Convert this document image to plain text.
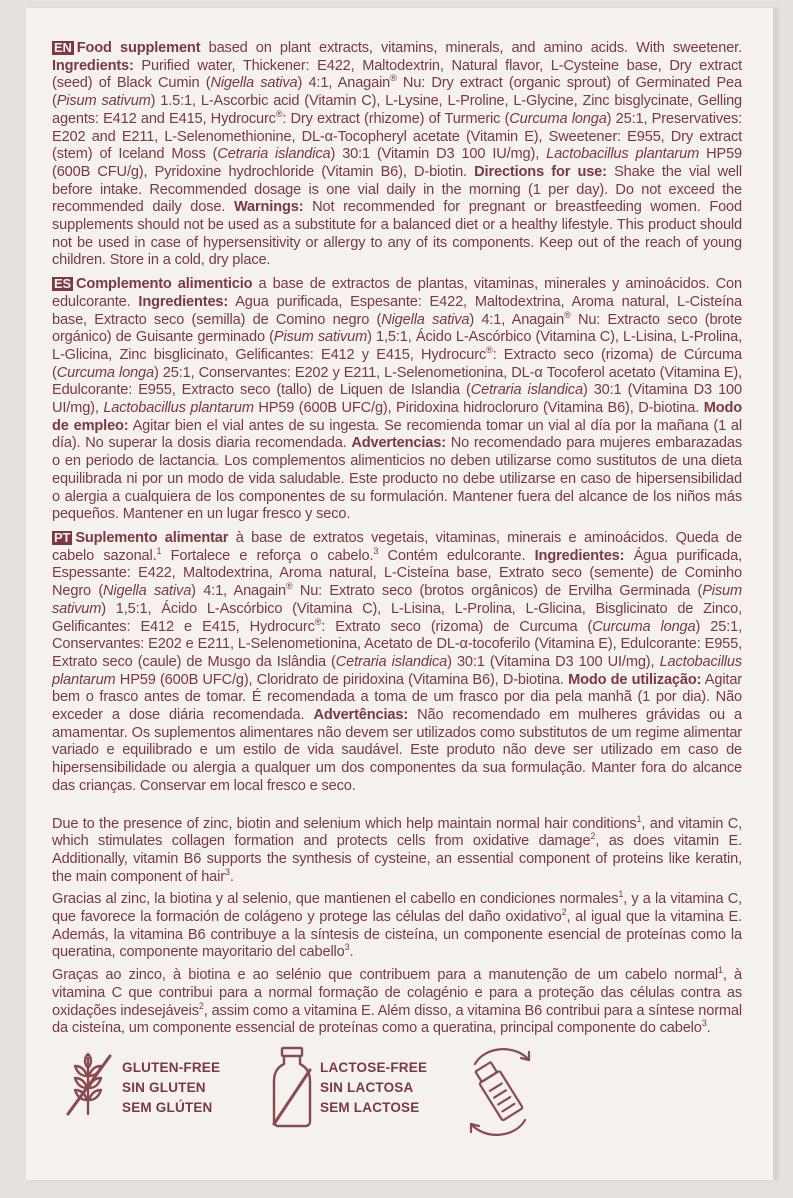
EN Food supplement based on plant extracts, vitamins, minerals, and amino acids. With sweetener. Ingredients: Purified water, Thickener: E422, Maltodextrin, Natural flavor, L-Cysteine base, Dry extract (seed) of Black Cumin (Nigella sativa) 4:1, Anagain® Nu: Dry extract (organic sprout) of Germinated Pea (Pisum sativum) 1.5:1, L-Ascorbic acid (Vitamin C), L-Lysine, L-Proline, L-Glycine, Zinc bisglycinate, Gelling agents: E412 and E415, Hydrocurc®: Dry extract (rhizome) of Turmeric (Curcuma longa) 25:1, Preservatives: E202 and E211, L-Selenomethionine, DL-α-Tocopheryl acetate (Vitamin E), Sweetener: E955, Dry extract (stem) of Iceland Moss (Cetraria islandica) 30:1 (Vitamin D3 100 IU/mg), Lactobacillus plantarum HP59 (600B CFU/g), Pyridoxine hydrochloride (Vitamin B6), D-biotin. Directions for use: Shake the vial well before intake. Recommended dosage is one vial daily in the morning (1 per day). Do not exceed the recommended daily dose. Warnings: Not recommended for pregnant or breastfeeding women. Food supplements should not be used as a substitute for a balanced diet or a healthy lifestyle. This product should not be used in case of hypersensitivity or allergy to any of its components. Keep out of the reach of young children. Store in a cold, dry place.

ES Complemento alimenticio a base de extractos de plantas, vitaminas, minerales y aminoácidos. Con edulcorante. Ingredientes: Agua purificada, Espesante: E422, Maltodextrina, Aroma natural, L-Cisteína base, Extracto seco (semilla) de Comino negro (Nigella sativa) 4:1, Anagain® Nu: Extracto seco (brote orgánico) de Guisante germinado (Pisum sativum) 1,5:1, Ácido L-Ascórbico (Vitamina C), L-Lisina, L-Prolina, L-Glicina, Zinc bisglicinato, Gelificantes: E412 y E415, Hydrocurc®: Extracto seco (rizoma) de Cúrcuma (Curcuma longa) 25:1, Conservantes: E202 y E211, L-Selenometionina, DL-α Tocoferol acetato (Vitamina E), Edulcorante: E955, Extracto seco (tallo) de Liquen de Islandia (Cetraria islandica) 30:1 (Vitamina D3 100 UI/mg), Lactobacillus plantarum HP59 (600B UFC/g), Piridoxina hidrocloruro (Vitamina B6), D-biotina. Modo de empleo: Agitar bien el vial antes de su ingesta. Se recomienda tomar un vial al día por la mañana (1 al día). No superar la dosis diaria recomendada. Advertencias: No recomendado para mujeres embarazadas o en periodo de lactancia. Los complementos alimenticios no deben utilizarse como sustitutos de una dieta equilibrada ni por un modo de vida saludable. Este producto no debe utilizarse en caso de hipersensibilidad o alergia a cualquiera de los componentes de su formulación. Mantener fuera del alcance de los niños más pequeños. Mantener en un lugar fresco y seco.

PT Suplemento alimentar à base de extratos vegetais, vitaminas, minerais e aminoácidos. Queda de cabelo sazonal.$^1$ Fortalece e reforça o cabelo.$^3$ Contém edulcorante. Ingredientes: Água purificada, Espessante: E422, Maltodextrina, Aroma natural, L-Cisteína base, Extrato seco (semente) de Cominho Negro (Nigella sativa) 4:1, Anagain® Nu: Extrato seco (brotos orgânicos) de Ervilha Germinada (Pisum sativum) 1,5:1, Ácido L-Ascórbico (Vitamina C), L-Lisina, L-Prolina, L-Glicina, Bisglicinato de Zinco, Gelificantes: E412 e E415, Hydrocurc®: Extrato seco (rizoma) de Curcuma (Curcuma longa) 25:1, Conservantes: E202 e E211, L-Selenometionina, Acetato de DL-α-tocoferilo (Vitamina E), Edulcorante: E955, Extrato seco (caule) de Musgo da Islândia (Cetraria islandica) 30:1 (Vitamina D3 100 UI/mg), Lactobacillus plantarum HP59 (600B UFC/g), Cloridrato de piridoxina (Vitamina B6), D-biotina. Modo de utilização: Agitar bem o frasco antes de tomar. É recomendada a toma de um frasco por dia pela manhã (1 por dia). Não exceder a dose diária recomendada. Advertências: Não recomendado em mulheres grávidas ou a amamentar. Os suplementos alimentares não devem ser utilizados como substitutos de um regime alimentar variado e equilibrado e um estilo de vida saudável. Este produto não deve ser utilizado em caso de hipersensibilidade ou alergia a qualquer um dos componentes da sua formulação. Manter fora do alcance das crianças. Conservar em local fresco e seco.

Due to the presence of zinc, biotin and selenium which help maintain normal hair conditions$^1$, and vitamin C, which stimulates collagen formation and protects cells from oxidative damage$^2$, as does vitamin E. Additionally, vitamin B6 supports the synthesis of cysteine, an essential component of proteins like keratin, the main component of hair$^3$.

Gracias al zinc, la biotina y al selenio, que mantienen el cabello en condiciones normales$^1$, y a la vitamina C, que favorece la formación de colágeno y protege las células del daño oxidativo$^2$, al igual que la vitamina E. Además, la vitamina B6 contribuye a la síntesis de cisteína, un componente esencial de proteínas como la queratina, componente mayoritario del cabello$^3$.

Graças ao zinco, à biotina e ao selénio que contribuem para a manutenção de um cabelo normal$^1$, à vitamina C que contribui para a normal formação de colagénio e para a proteção das células contra as oxidações indesejáveis$^2$, assim como a vitamina E. Além disso, a vitamina B6 contribui para a síntese normal da cisteína, um componente essencial de proteínas como a queratina, principal componente do cabelo$^3$.

GLUTEN-FREE
SIN GLUTEN
SEM GLÚTEN
LACTOSE-FREE
SIN LACTOSA
SEM LACTOSE
